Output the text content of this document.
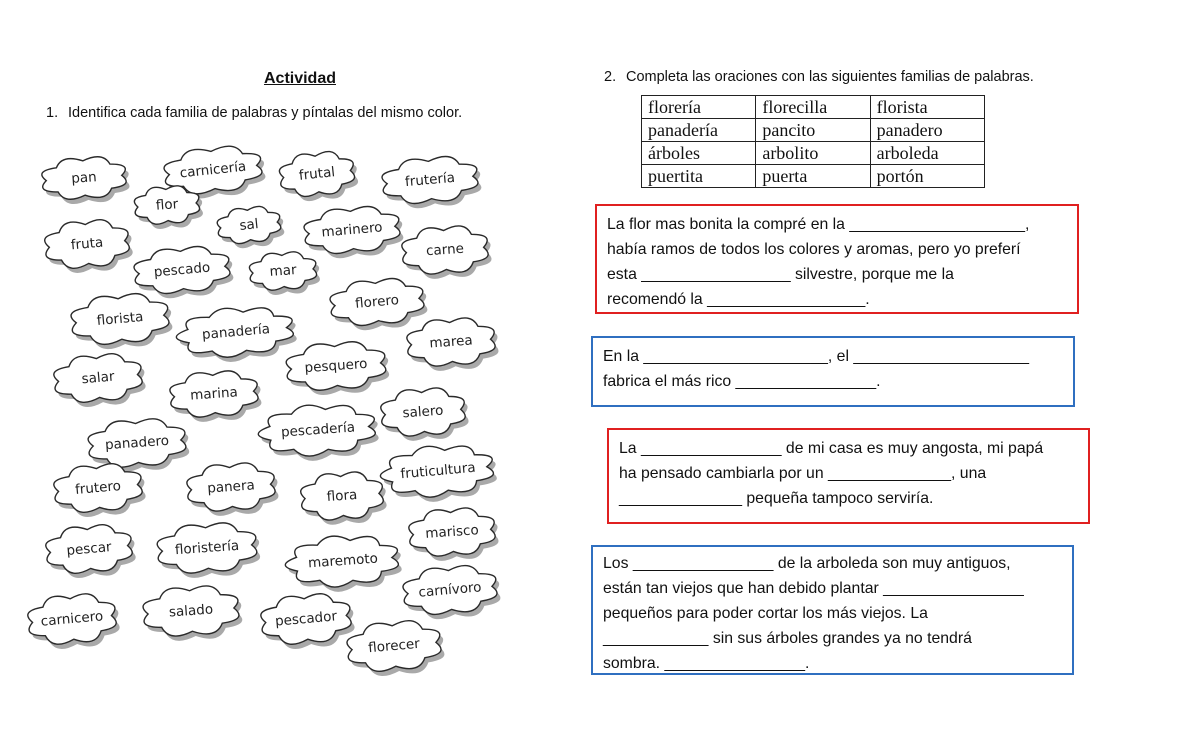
Actividad
1. Identifica cada familia de palabras y píntalas del mismo color.
2. Completa las oraciones con las siguientes familias de palabras.
pan	carnicería	frutal	frutería
flor
sal	marinero
fruta	carne
pescado	mar
florero
florista
panadería	marea
pesquero
salar
marina
salero
pescadería
panadero
fruticultura
frutero	panera	flora
marisco
pescar	floristería
maremoto
carnívoro
carnicero	salado	pescador
florecer
florería	florecilla	florista
panadería	pancito	panadero
árboles	arbolito	arboleda
puertita	puerta	portón
La flor mas bonita la compré en la ____________________,
había ramos de todos los colores y aromas, pero yo preferí
esta _________________ silvestre, porque me la
recomendó la __________________.
En la _____________________, el ____________________
fabrica el más rico ________________.
La ________________ de mi casa es muy angosta, mi papá
ha pensado cambiarla por un ______________, una
______________ pequeña tampoco serviría.
Los ________________ de la arboleda son muy antiguos,
están tan viejos que han debido plantar ________________
pequeños para poder cortar los más viejos. La
____________ sin sus árboles grandes ya no tendrá
sombra. ________________.
